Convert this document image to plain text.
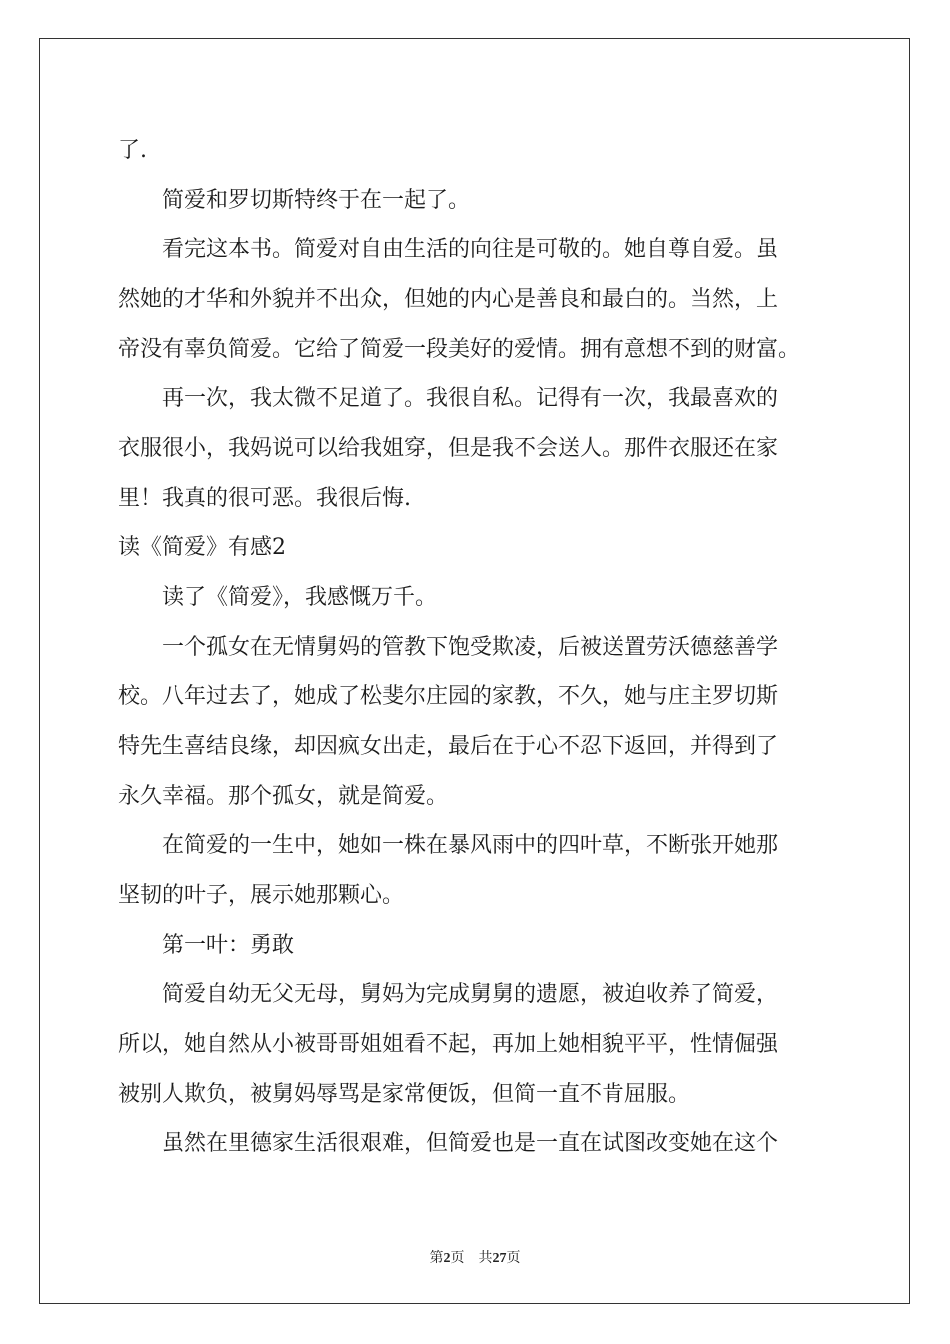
了.

　　简爱和罗切斯特终于在一起了。

　　看完这本书。简爱对自由生活的向往是可敬的。她自尊自爱。虽

然她的才华和外貌并不出众，但她的内心是善良和最白的。当然，上

帝没有辜负简爱。它给了简爱一段美好的爱情。拥有意想不到的财富。

　　再一次，我太微不足道了。我很自私。记得有一次，我最喜欢的

衣服很小，我妈说可以给我姐穿，但是我不会送人。那件衣服还在家

里！我真的很可恶。我很后悔.

读《简爱》有感2

　　读了《简爱》，我感慨万千。

　　一个孤女在无情舅妈的管教下饱受欺凌，后被送置劳沃德慈善学

校。八年过去了，她成了松斐尔庄园的家教，不久，她与庄主罗切斯

特先生喜结良缘，却因疯女出走，最后在于心不忍下返回，并得到了

永久幸福。那个孤女，就是简爱。

　　在简爱的一生中，她如一株在暴风雨中的四叶草，不断张开她那

坚韧的叶子，展示她那颗心。

　　第一叶：勇敢

　　简爱自幼无父无母，舅妈为完成舅舅的遗愿，被迫收养了简爱，

所以，她自然从小被哥哥姐姐看不起，再加上她相貌平平，性情倔强

被别人欺负，被舅妈辱骂是家常便饭，但简一直不肯屈服。

　　虽然在里德家生活很艰难，但简爱也是一直在试图改变她在这个

第2页　共27页
